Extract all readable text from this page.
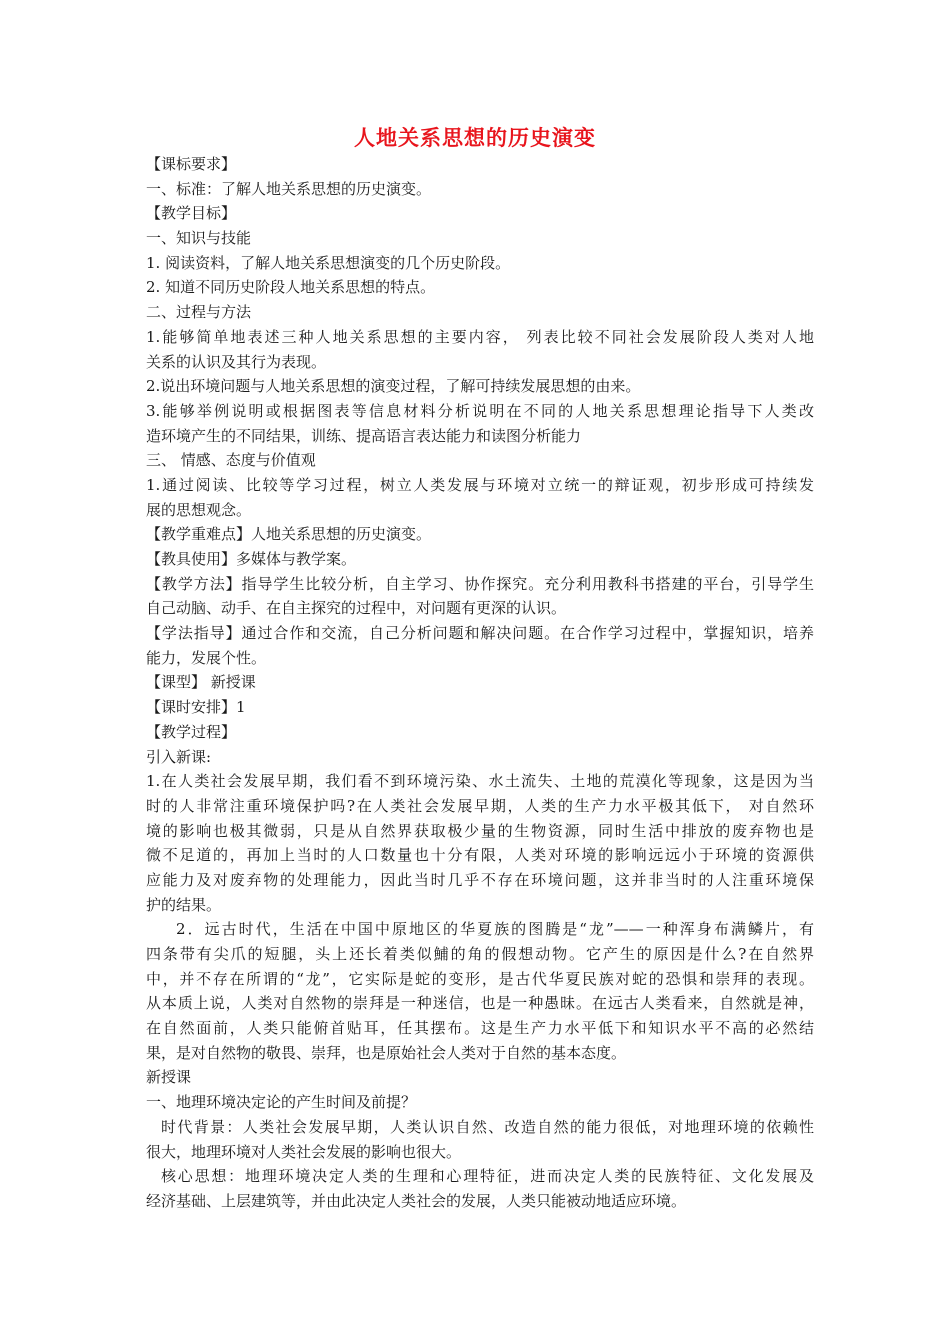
人地关系思想的历史演变
【课标要求】
一、标准：了解人地关系思想的历史演变。
【教学目标】
一、知识与技能
1. 阅读资料，了解人地关系思想演变的几个历史阶段。
2. 知道不同历史阶段人地关系思想的特点。
二、过程与方法
1.能够简单地表述三种人地关系思想的主要内容， 列表比较不同社会发展阶段人类对人地
关系的认识及其行为表现。
2.说出环境问题与人地关系思想的演变过程，了解可持续发展思想的由来。
3.能够举例说明或根据图表等信息材料分析说明在不同的人地关系思想理论指导下人类改
造环境产生的不同结果，训练、提高语言表达能力和读图分析能力
三、 情感、态度与价值观
1.通过阅读、比较等学习过程，树立人类发展与环境对立统一的辩证观，初步形成可持续发
展的思想观念。
【教学重难点】人地关系思想的历史演变。
【教具使用】多媒体与教学案。
【教学方法】指导学生比较分析，自主学习、协作探究。充分利用教科书搭建的平台，引导学生
自己动脑、动手、在自主探究的过程中，对问题有更深的认识。
【学法指导】通过合作和交流，自己分析问题和解决问题。在合作学习过程中，掌握知识，培养
能力，发展个性。
【课型】 新授课
【课时安排】1
【教学过程】
引入新课:
1.在人类社会发展早期，我们看不到环境污染、水土流失、土地的荒漠化等现象，这是因为当
时的人非常注重环境保护吗?在人类社会发展早期，人类的生产力水平极其低下， 对自然环
境的影响也极其微弱，只是从自然界获取极少量的生物资源，同时生活中排放的废弃物也是
微不足道的，再加上当时的人口数量也十分有限，人类对环境的影响远远小于环境的资源供
应能力及对废弃物的处理能力，因此当时几乎不存在环境问题，这并非当时的人注重环境保
护的结果。
2．远古时代，生活在中国中原地区的华夏族的图腾是“龙”——一种浑身布满鳞片，有
四条带有尖爪的短腿，头上还长着类似鯆的角的假想动物。它产生的原因是什么?在自然界
中，并不存在所谓的“龙”，它实际是蛇的变形，是古代华夏民族对蛇的恐惧和崇拜的表现。
从本质上说，人类对自然物的崇拜是一种迷信，也是一种愚昧。在远古人类看来，自然就是神，
在自然面前，人类只能俯首贴耳，任其摆布。这是生产力水平低下和知识水平不高的必然结
果，是对自然物的敬畏、崇拜，也是原始社会人类对于自然的基本态度。
新授课
一、地理环境决定论的产生时间及前提？
时代背景：人类社会发展早期，人类认识自然、改造自然的能力很低，对地理环境的依赖性
很大，地理环境对人类社会发展的影响也很大。
核心思想：地理环境决定人类的生理和心理特征，进而决定人类的民族特征、文化发展及
经济基础、上层建筑等，并由此决定人类社会的发展，人类只能被动地适应环境。
